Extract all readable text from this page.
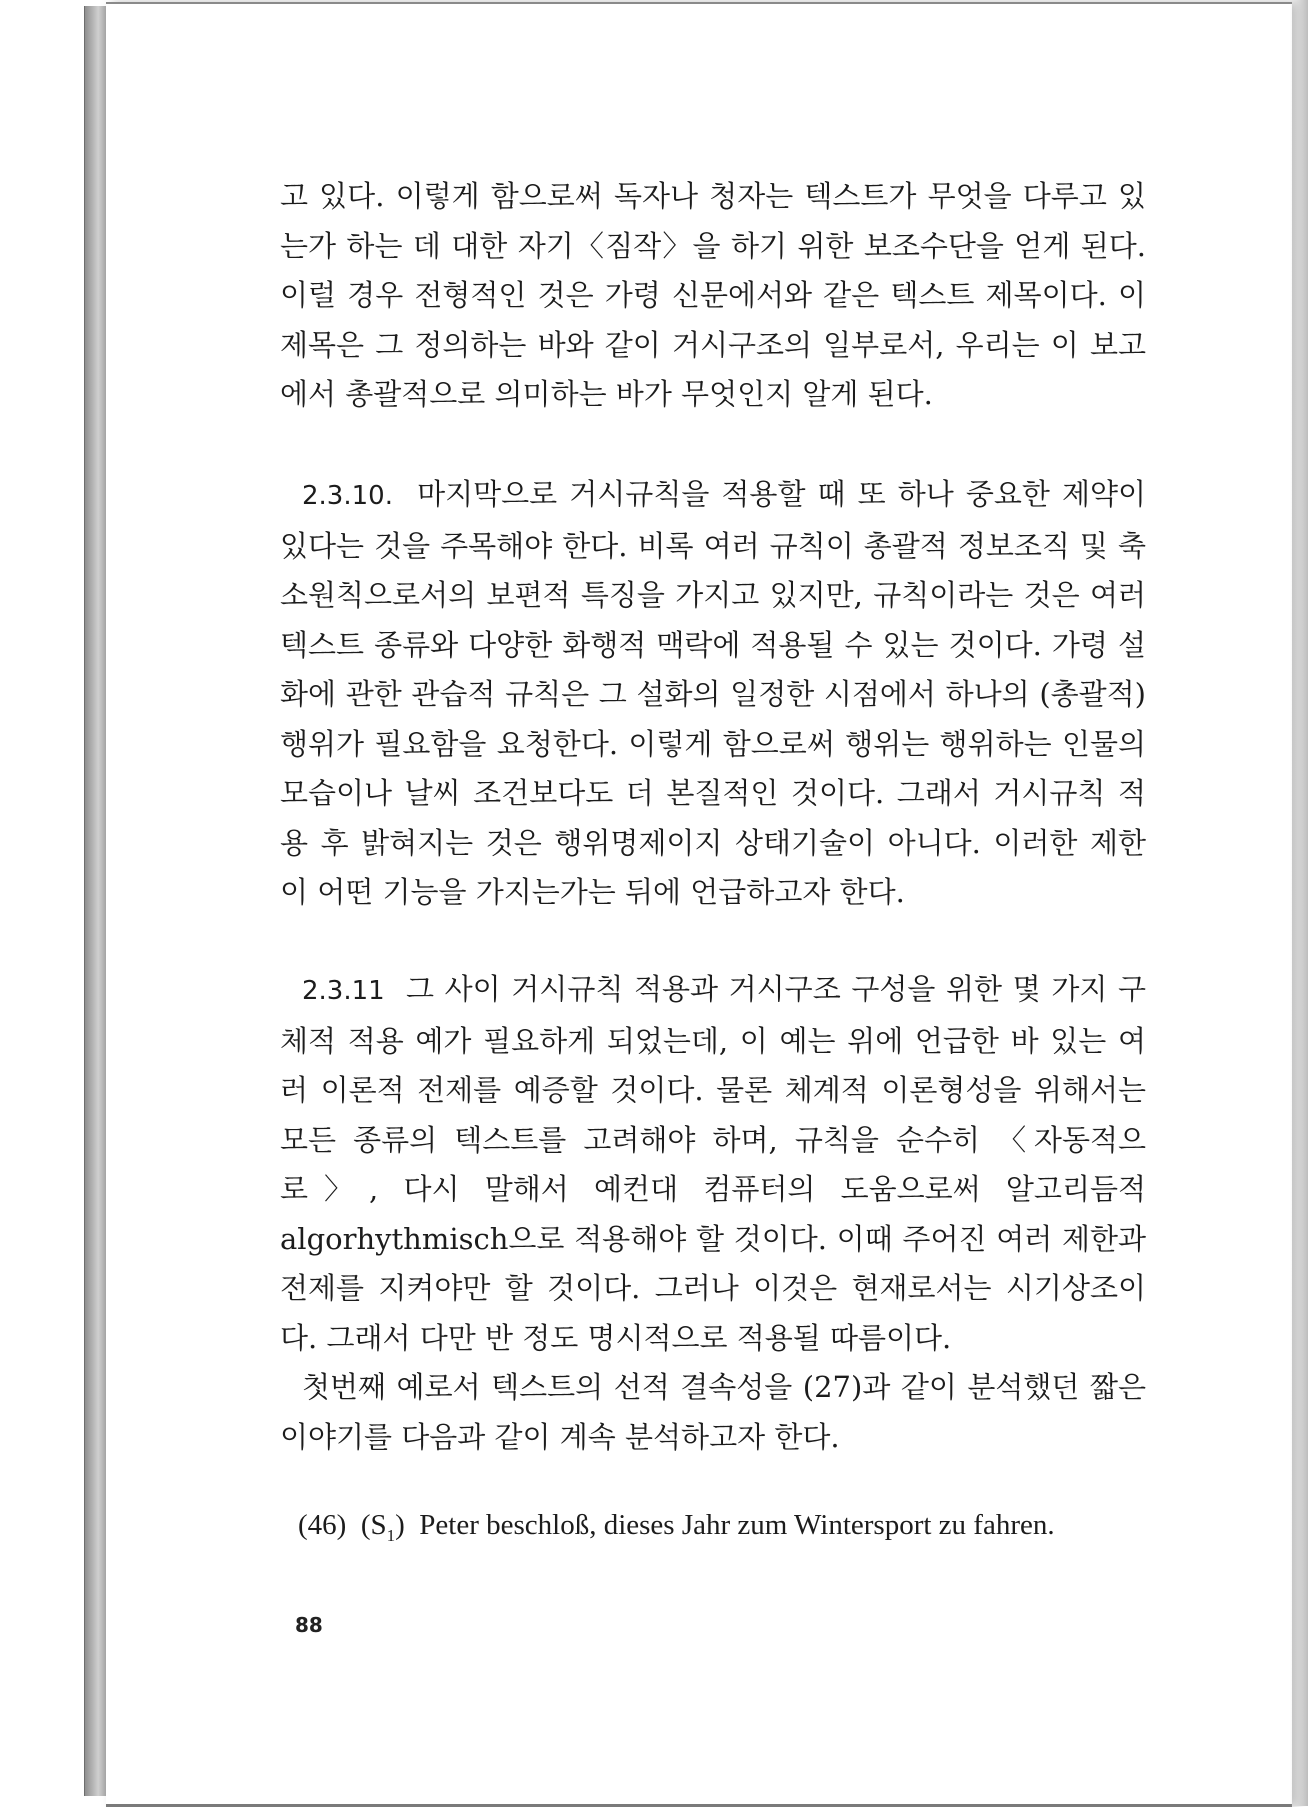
고 있다. 이렇게 함으로써 독자나 청자는 텍스트가 무엇을 다루고 있는가 하는 데 대한 자기〈짐작〉을 하기 위한 보조수단을 얻게 된다. 이럴 경우 전형적인 것은 가령 신문에서와 같은 텍스트 제목이다. 이 제목은 그 정의하는 바와 같이 거시구조의 일부로서, 우리는 이 보고에서 총괄적으로 의미하는 바가 무엇인지 알게 된다.

2.3.10. 마지막으로 거시규칙을 적용할 때 또 하나 중요한 제약이 있다는 것을 주목해야 한다. 비록 여러 규칙이 총괄적 정보조직 및 축소원칙으로서의 보편적 특징을 가지고 있지만, 규칙이라는 것은 여러 텍스트 종류와 다양한 화행적 맥락에 적용될 수 있는 것이다. 가령 설화에 관한 관습적 규칙은 그 설화의 일정한 시점에서 하나의 (총괄적) 행위가 필요함을 요청한다. 이렇게 함으로써 행위는 행위하는 인물의 모습이나 날씨 조건보다도 더 본질적인 것이다. 그래서 거시규칙 적용 후 밝혀지는 것은 행위명제이지 상태기술이 아니다. 이러한 제한이 어떤 기능을 가지는가는 뒤에 언급하고자 한다.

2.3.11 그 사이 거시규칙 적용과 거시구조 구성을 위한 몇 가지 구체적 적용 예가 필요하게 되었는데, 이 예는 위에 언급한 바 있는 여러 이론적 전제를 예증할 것이다. 물론 체계적 이론형성을 위해서는 모든 종류의 텍스트를 고려해야 하며, 규칙을 순수히 〈자동적으로〉, 다시 말해서 예컨대 컴퓨터의 도움으로써 알고리듬적 algorhythmisch으로 적용해야 할 것이다. 이때 주어진 여러 제한과 전제를 지켜야만 할 것이다. 그러나 이것은 현재로서는 시기상조이다. 그래서 다만 반 정도 명시적으로 적용될 따름이다.

첫번째 예로서 텍스트의 선적 결속성을 (27)과 같이 분석했던 짧은 이야기를 다음과 같이 계속 분석하고자 한다.

(46) $(S_1)$ Peter beschloß, dieses Jahr zum Wintersport zu fahren.
88
